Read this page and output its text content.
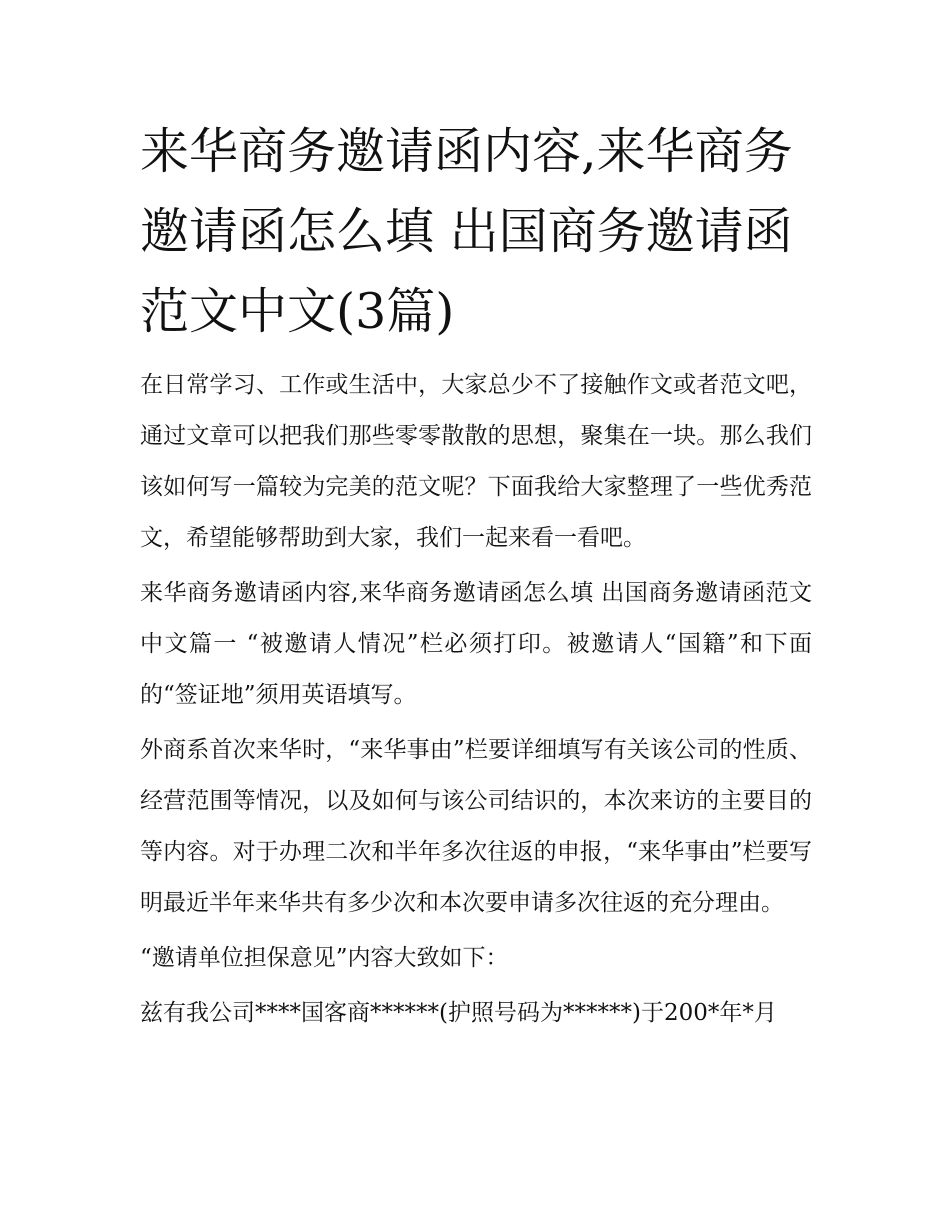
来华商务邀请函内容,来华商务邀请函怎么填 出国商务邀请函范文中文(3篇)

在日常学习、工作或生活中，大家总少不了接触作文或者范文吧，通过文章可以把我们那些零零散散的思想，聚集在一块。那么我们该如何写一篇较为完美的范文呢？下面我给大家整理了一些优秀范文，希望能够帮助到大家，我们一起来看一看吧。

来华商务邀请函内容,来华商务邀请函怎么填 出国商务邀请函范文中文篇一 “被邀请人情况”栏必须打印。被邀请人“国籍”和下面的“签证地”须用英语填写。

外商系首次来华时，“来华事由”栏要详细填写有关该公司的性质、经营范围等情况，以及如何与该公司结识的，本次来访的主要目的等内容。对于办理二次和半年多次往返的申报，“来华事由”栏要写明最近半年来华共有多少次和本次要申请多次往返的充分理由。

“邀请单位担保意见”内容大致如下：

兹有我公司****国客商******(护照号码为******)于200*年*月
